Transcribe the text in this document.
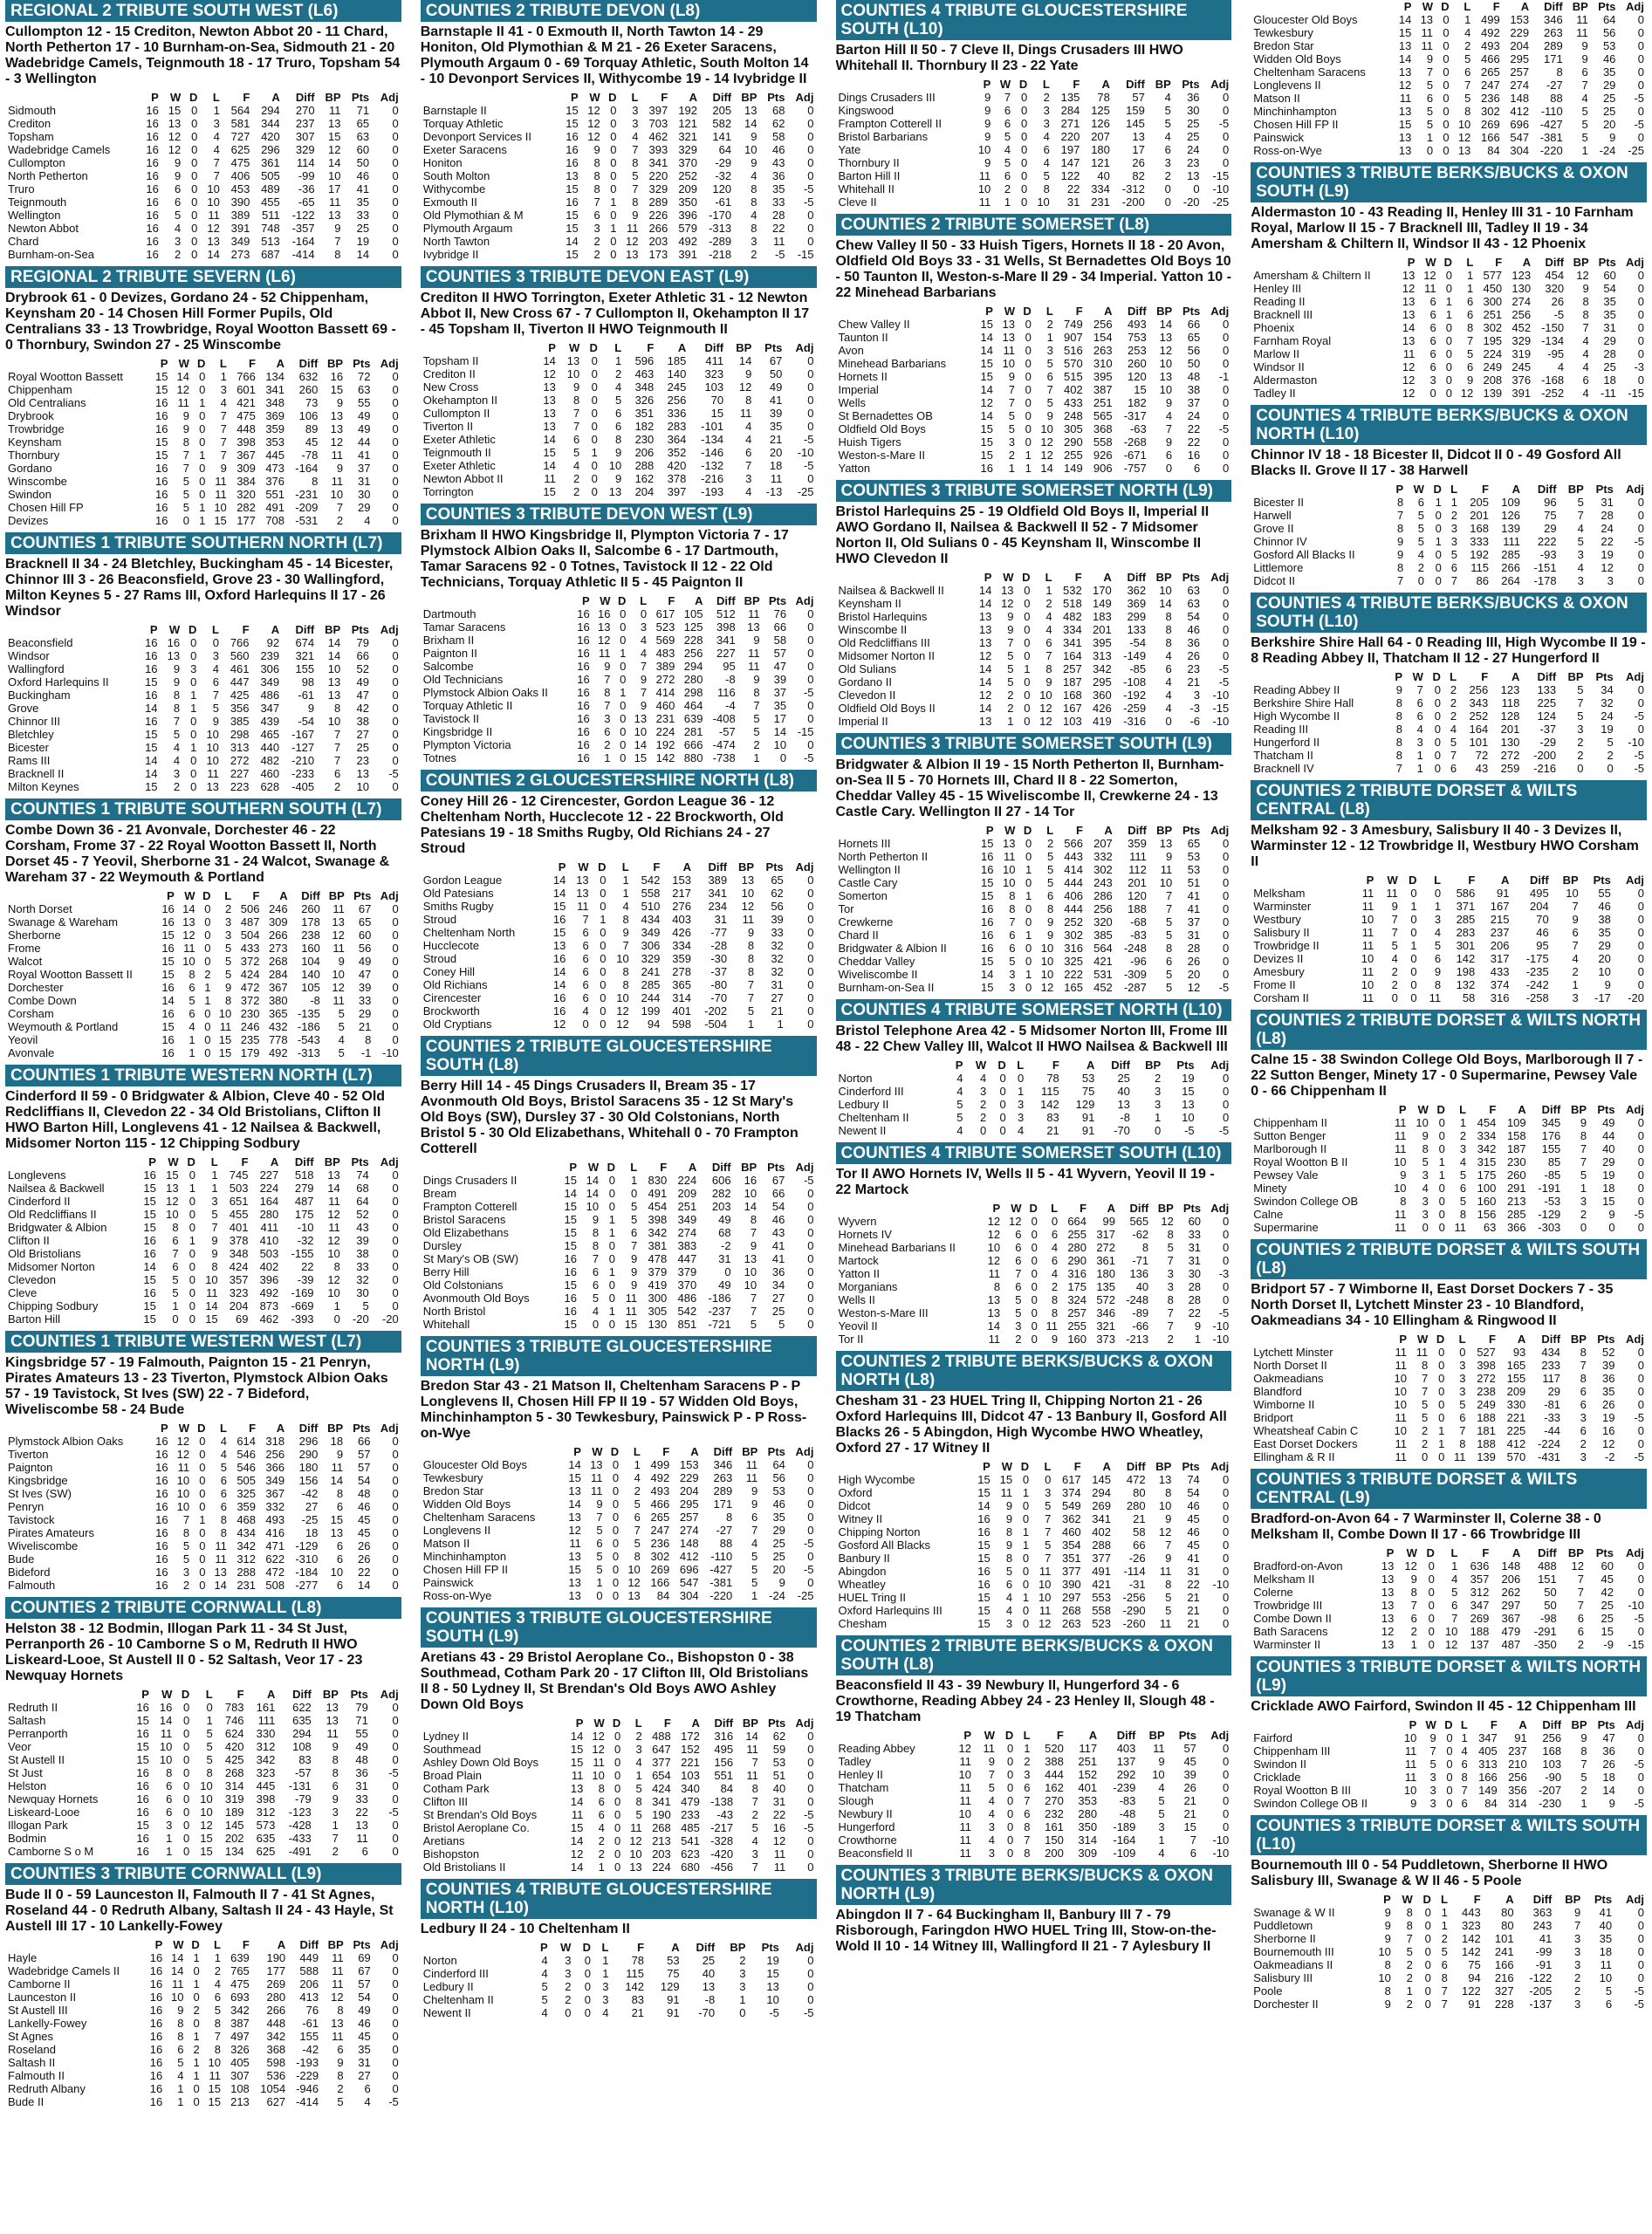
REGIONAL 2 TRIBUTE SOUTH WEST (L6)
Cullompton 12 - 15 Crediton, Newton Abbot 20 - 11 Chard, North Petherton 17 - 10 Burnham-on-Sea, Sidmouth 21 - 20 Wadebridge Camels, Teignmouth 18 - 17 Truro, Topsham 54 - 3 Wellington
	P	W	D	L	F	A	Diff	BP	Pts	Adj
Sidmouth	16	15	0	1	564	294	270	11	71	0
Crediton	16	13	0	3	581	344	237	13	65	0
Topsham	16	12	0	4	727	420	307	15	63	0
Wadebridge Camels	16	12	0	4	625	296	329	12	60	0
Cullompton	16	9	0	7	475	361	114	14	50	0
North Petherton	16	9	0	7	406	505	-99	10	46	0
Truro	16	6	0	10	453	489	-36	17	41	0
Teignmouth	16	6	0	10	390	455	-65	11	35	0
Wellington	16	5	0	11	389	511	-122	13	33	0
Newton Abbot	16	4	0	12	391	748	-357	9	25	0
Chard	16	3	0	13	349	513	-164	7	19	0
Burnham-on-Sea	16	2	0	14	273	687	-414	8	14	0
REGIONAL 2 TRIBUTE SEVERN (L6)
Drybrook 61 - 0 Devizes, Gordano 24 - 52 Chippenham, Keynsham 20 - 14 Chosen Hill Former Pupils, Old Centralians 33 - 13 Trowbridge, Royal Wootton Bassett 69 - 0 Thornbury, Swindon 27 - 25 Winscombe
	P	W	D	L	F	A	Diff	BP	Pts	Adj
Royal Wootton Bassett	15	14	0	1	766	134	632	16	72	0
Chippenham	15	12	0	3	601	341	260	15	63	0
Old Centralians	16	11	1	4	421	348	73	9	55	0
Drybrook	16	9	0	7	475	369	106	13	49	0
Trowbridge	16	9	0	7	448	359	89	13	49	0
Keynsham	15	8	0	7	398	353	45	12	44	0
Thornbury	15	7	1	7	367	445	-78	11	41	0
Gordano	16	7	0	9	309	473	-164	9	37	0
Winscombe	16	5	0	11	384	376	8	11	31	0
Swindon	16	5	0	11	320	551	-231	10	30	0
Chosen Hill FP	16	5	1	10	282	491	-209	7	29	0
Devizes	16	0	1	15	177	708	-531	2	4	0
COUNTIES 1 TRIBUTE SOUTHERN NORTH (L7)
Bracknell II 34 - 24 Bletchley, Buckingham 45 - 14 Bicester, Chinnor III 3 - 26 Beaconsfield, Grove 23 - 30 Wallingford, Milton Keynes 5 - 27 Rams III, Oxford Harlequins II 17 - 26 Windsor
	P	W	D	L	F	A	Diff	BP	Pts	Adj
Beaconsfield	16	16	0	0	766	92	674	14	79	0
Windsor	16	13	0	3	560	239	321	14	66	0
Wallingford	16	9	3	4	461	306	155	10	52	0
Oxford Harlequins II	15	9	0	6	447	349	98	13	49	0
Buckingham	16	8	1	7	425	486	-61	13	47	0
Grove	14	8	1	5	356	347	9	8	42	0
Chinnor III	16	7	0	9	385	439	-54	10	38	0
Bletchley	15	5	0	10	298	465	-167	7	27	0
Bicester	15	4	1	10	313	440	-127	7	25	0
Rams III	14	4	0	10	272	482	-210	7	23	0
Bracknell II	14	3	0	11	227	460	-233	6	13	-5
Milton Keynes	15	2	0	13	223	628	-405	2	10	0
COUNTIES 1 TRIBUTE SOUTHERN SOUTH (L7)
Combe Down 36 - 21 Avonvale, Dorchester 46 - 22 Corsham, Frome 37 - 22 Royal Wootton Bassett II, North Dorset 45 - 7 Yeovil, Sherborne 31 - 24 Walcot, Swanage & Wareham 37 - 22 Weymouth & Portland
	P	W	D	L	F	A	Diff	BP	Pts	Adj
North Dorset	16	14	0	2	506	246	260	11	67	0
Swanage & Wareham	16	13	0	3	487	309	178	13	65	0
Sherborne	15	12	0	3	504	266	238	12	60	0
Frome	16	11	0	5	433	273	160	11	56	0
Walcot	15	10	0	5	372	268	104	9	49	0
Royal Wootton Bassett II	15	8	2	5	424	284	140	10	47	0
Dorchester	16	6	1	9	472	367	105	12	39	0
Combe Down	14	5	1	8	372	380	-8	11	33	0
Corsham	16	6	0	10	230	365	-135	5	29	0
Weymouth & Portland	15	4	0	11	246	432	-186	5	21	0
Yeovil	16	1	0	15	235	778	-543	4	8	0
Avonvale	16	1	0	15	179	492	-313	5	-1	-10
COUNTIES 1 TRIBUTE WESTERN NORTH (L7)
Cinderford II 59 - 0 Bridgwater & Albion, Cleve 40 - 52 Old Redcliffians II, Clevedon 22 - 34 Old Bristolians, Clifton II HWO Barton Hill, Longlevens 41 - 12 Nailsea & Backwell, Midsomer Norton 115 - 12 Chipping Sodbury
	P	W	D	L	F	A	Diff	BP	Pts	Adj
Longlevens	16	15	0	1	745	227	518	13	74	0
Nailsea & Backwell	15	13	1	1	503	224	279	14	68	0
Cinderford II	15	12	0	3	651	164	487	11	64	0
Old Redcliffians II	15	10	0	5	455	280	175	12	52	0
Bridgwater & Albion	15	8	0	7	401	411	-10	11	43	0
Clifton II	16	6	1	9	378	410	-32	12	39	0
Old Bristolians	16	7	0	9	348	503	-155	10	38	0
Midsomer Norton	14	6	0	8	424	402	22	8	33	0
Clevedon	15	5	0	10	357	396	-39	12	32	0
Cleve	16	5	0	11	323	492	-169	10	30	0
Chipping Sodbury	15	1	0	14	204	873	-669	1	5	0
Barton Hill	15	0	0	15	69	462	-393	0	-20	-20
COUNTIES 1 TRIBUTE WESTERN WEST (L7)
Kingsbridge 57 - 19 Falmouth, Paignton 15 - 21 Penryn, Pirates Amateurs 13 - 23 Tiverton, Plymstock Albion Oaks 57 - 19 Tavistock, St Ives (SW) 22 - 7 Bideford, Wiveliscombe 58 - 24 Bude
	P	W	D	L	F	A	Diff	BP	Pts	Adj
Plymstock Albion Oaks	16	12	0	4	614	318	296	18	66	0
Tiverton	16	12	0	4	546	256	290	9	57	0
Paignton	16	11	0	5	546	366	180	11	57	0
Kingsbridge	16	10	0	6	505	349	156	14	54	0
St Ives (SW)	16	10	0	6	325	367	-42	8	48	0
Penryn	16	10	0	6	359	332	27	6	46	0
Tavistock	16	7	1	8	468	493	-25	15	45	0
Pirates Amateurs	16	8	0	8	434	416	18	13	45	0
Wiveliscombe	16	5	0	11	342	471	-129	6	26	0
Bude	16	5	0	11	312	622	-310	6	26	0
Bideford	16	3	0	13	288	472	-184	10	22	0
Falmouth	16	2	0	14	231	508	-277	6	14	0
COUNTIES 2 TRIBUTE CORNWALL (L8)
Helston 38 - 12 Bodmin, Illogan Park 11 - 34 St Just, Perranporth 26 - 10 Camborne S o M, Redruth II HWO Liskeard-Looe, St Austell II 0 - 52 Saltash, Veor 17 - 23 Newquay Hornets
	P	W	D	L	F	A	Diff	BP	Pts	Adj
Redruth II	16	16	0	0	783	161	622	13	79	0
Saltash	15	14	0	1	746	111	635	13	71	0
Perranporth	16	11	0	5	624	330	294	11	55	0
Veor	15	10	0	5	420	312	108	9	49	0
St Austell II	15	10	0	5	425	342	83	8	48	0
St Just	16	8	0	8	268	323	-57	8	36	-5
Helston	16	6	0	10	314	445	-131	6	31	0
Newquay Hornets	16	6	0	10	319	398	-79	9	33	0
Liskeard-Looe	16	6	0	10	189	312	-123	3	22	-5
Illogan Park	15	3	0	12	145	573	-428	1	13	0
Bodmin	16	1	0	15	202	635	-433	7	11	0
Camborne S o M	16	1	0	15	134	625	-491	2	6	0
COUNTIES 3 TRIBUTE CORNWALL (L9)
Bude II 0 - 59 Launceston II, Falmouth II 7 - 41 St Agnes, Roseland 44 - 0 Redruth Albany, Saltash II 24 - 43 Hayle, St Austell III 17 - 10 Lankelly-Fowey
	P	W	D	L	F	A	Diff	BP	Pts	Adj
Hayle	16	14	1	1	639	190	449	11	69	0
Wadebridge Camels II	16	14	0	2	765	177	588	11	67	0
Camborne II	16	11	1	4	475	269	206	11	57	0
Launceston II	16	10	0	6	693	280	413	12	54	0
St Austell III	16	9	2	5	342	266	76	8	49	0
Lankelly-Fowey	16	8	0	8	387	448	-61	13	46	0
St Agnes	16	8	1	7	497	342	155	11	45	0
Roseland	16	6	2	8	326	368	-42	6	35	0
Saltash II	16	5	1	10	405	598	-193	9	31	0
Falmouth II	16	4	1	11	307	536	-229	8	27	0
Redruth Albany	16	1	0	15	108	1054	-946	2	6	0
Bude II	16	1	0	15	213	627	-414	5	4	-5
COUNTIES 2 TRIBUTE DEVON (L8)
Barnstaple II 41 - 0 Exmouth II, North Tawton 14 - 29 Honiton, Old Plymothian & M 21 - 26 Exeter Saracens, Plymouth Argaum 0 - 69 Torquay Athletic, South Molton 14 - 10 Devonport Services II, Withycombe 19 - 14 Ivybridge II
	P	W	D	L	F	A	Diff	BP	Pts	Adj
Barnstaple II	15	12	0	3	397	192	205	13	68	0
Torquay Athletic	15	12	0	3	703	121	582	14	62	0
Devonport Services II	16	12	0	4	462	321	141	9	58	0
Exeter Saracens	16	9	0	7	393	329	64	10	46	0
Honiton	16	8	0	8	341	370	-29	9	43	0
South Molton	13	8	0	5	220	252	-32	4	36	0
Withycombe	15	8	0	7	329	209	120	8	35	-5
Exmouth II	16	7	1	8	289	350	-61	8	33	-5
Old Plymothian & M	15	6	0	9	226	396	-170	4	28	0
Plymouth Argaum	15	3	1	11	266	579	-313	8	22	0
North Tawton	14	2	0	12	203	492	-289	3	11	0
Ivybridge II	15	2	0	13	173	391	-218	2	-5	-15
COUNTIES 3 TRIBUTE DEVON EAST (L9)
Crediton II HWO Torrington, Exeter Athletic 31 - 12 Newton Abbot II, New Cross 67 - 7 Cullompton II, Okehampton II 17 - 45 Topsham II, Tiverton II HWO Teignmouth II
	P	W	D	L	F	A	Diff	BP	Pts	Adj
Topsham II	14	13	0	1	596	185	411	14	67	0
Crediton II	12	10	0	2	463	140	323	9	50	0
New Cross	13	9	0	4	348	245	103	12	49	0
Okehampton II	13	8	0	5	326	256	70	8	41	0
Cullompton II	13	7	0	6	351	336	15	11	39	0
Tiverton II	13	7	0	6	182	283	-101	4	35	0
Exeter Athletic	14	6	0	8	230	364	-134	4	21	-5
Teignmouth II	15	5	1	9	206	352	-146	6	20	-10
Exeter Athletic	14	4	0	10	288	420	-132	7	18	-5
Newton Abbot II	11	2	0	9	162	378	-216	3	11	0
Torrington	15	2	0	13	204	397	-193	4	-13	-25
COUNTIES 3 TRIBUTE DEVON WEST (L9)
Brixham II HWO Kingsbridge II, Plympton Victoria 7 - 17 Plymstock Albion Oaks II, Salcombe 6 - 17 Dartmouth, Tamar Saracens 92 - 0 Totnes, Tavistock II 12 - 22 Old Technicians, Torquay Athletic II 5 - 45 Paignton II
	P	W	D	L	F	A	Diff	BP	Pts	Adj
Dartmouth	16	16	0	0	617	105	512	11	76	0
Tamar Saracens	16	13	0	3	523	125	398	13	66	0
Brixham II	16	12	0	4	569	228	341	9	58	0
Paignton II	16	11	1	4	483	256	227	11	57	0
Salcombe	16	9	0	7	389	294	95	11	47	0
Old Technicians	16	7	0	9	272	280	-8	9	39	0
Plymstock Albion Oaks II	16	8	1	7	414	298	116	8	37	-5
Torquay Athletic II	16	7	0	9	460	464	-4	7	35	0
Tavistock II	16	3	0	13	231	639	-408	5	17	0
Kingsbridge II	16	6	0	10	224	281	-57	5	14	-15
Plympton Victoria	16	2	0	14	192	666	-474	2	10	0
Totnes	16	1	0	15	142	880	-738	1	0	-5
COUNTIES 2 GLOUCESTERSHIRE NORTH (L8)
Coney Hill 26 - 12 Cirencester, Gordon League 36 - 12 Cheltenham North, Hucclecote 12 - 22 Brockworth, Old Patesians 19 - 18 Smiths Rugby, Old Richians 24 - 27 Stroud
	P	W	D	L	F	A	Diff	BP	Pts	Adj
Gordon League	14	13	0	1	542	153	389	13	65	0
Old Patesians	14	13	0	1	558	217	341	10	62	0
Smiths Rugby	15	11	0	4	510	276	234	12	56	0
Stroud	16	7	1	8	434	403	31	11	39	0
Cheltenham North	15	6	0	9	349	426	-77	9	33	0
Hucclecote	13	6	0	7	306	334	-28	8	32	0
Stroud	16	6	0	10	329	359	-30	8	32	0
Coney Hill	14	6	0	8	241	278	-37	8	32	0
Old Richians	14	6	0	8	285	365	-80	7	31	0
Cirencester	16	6	0	10	244	314	-70	7	27	0
Brockworth	16	4	0	12	199	401	-202	5	21	0
Old Cryptians	12	0	0	12	94	598	-504	1	1	0
COUNTIES 2 TRIBUTE GLOUCESTERSHIRE SOUTH (L8)
Berry Hill 14 - 45 Dings Crusaders II, Bream 35 - 17 Avonmouth Old Boys, Bristol Saracens 35 - 12 St Mary's Old Boys (SW), Dursley 37 - 30 Old Colstonians, North Bristol 5 - 30 Old Elizabethans, Whitehall 0 - 70 Frampton Cotterell
	P	W	D	L	F	A	Diff	BP	Pts	Adj
Dings Crusaders II	15	14	0	1	830	224	606	16	67	-5
Bream	14	14	0	0	491	209	282	10	66	0
Frampton Cotterell	15	10	0	5	454	251	203	14	54	0
Bristol Saracens	15	9	1	5	398	349	49	8	46	0
Old Elizabethans	15	8	1	6	342	274	68	7	43	0
Dursley	15	8	0	7	381	383	-2	9	41	0
St Mary's OB (SW)	16	7	0	9	478	447	31	13	41	0
Berry Hill	16	6	1	9	379	379	0	10	36	0
Old Colstonians	15	6	0	9	419	370	49	10	34	0
Avonmouth Old Boys	16	5	0	11	300	486	-186	7	27	0
North Bristol	16	4	1	11	305	542	-237	7	25	0
Whitehall	15	0	0	15	130	851	-721	5	5	0
COUNTIES 3 TRIBUTE GLOUCESTERSHIRE NORTH (L9)
Bredon Star 43 - 21 Matson II, Cheltenham Saracens P - P Longlevens II, Chosen Hill FP II 19 - 57 Widden Old Boys, Minchinhampton 5 - 30 Tewkesbury, Painswick P - P Ross-on-Wye
	P	W	D	L	F	A	Diff	BP	Pts	Adj
Gloucester Old Boys	14	13	0	1	499	153	346	11	64	0
Tewkesbury	15	11	0	4	492	229	263	11	56	0
Bredon Star	13	11	0	2	493	204	289	9	53	0
Widden Old Boys	14	9	0	5	466	295	171	9	46	0
Cheltenham Saracens	13	7	0	6	265	257	8	6	35	0
Longlevens II	12	5	0	7	247	274	-27	7	29	0
Matson II	11	6	0	5	236	148	88	4	25	-5
Minchinhampton	13	5	0	8	302	412	-110	5	25	0
Chosen Hill FP II	15	5	0	10	269	696	-427	5	20	-5
Painswick	13	1	0	12	166	547	-381	5	9	0
Ross-on-Wye	13	0	0	13	84	304	-220	1	-24	-25
COUNTIES 3 TRIBUTE GLOUCESTERSHIRE SOUTH (L9)
Aretians 43 - 29 Bristol Aeroplane Co., Bishopston 0 - 38 Southmead, Cotham Park 20 - 17 Clifton III, Old Bristolians II 8 - 50 Lydney II, St Brendan's Old Boys AWO Ashley Down Old Boys
	P	W	D	L	F	A	Diff	BP	Pts	Adj
Lydney II	14	12	0	2	488	172	316	14	62	0
Southmead	15	12	0	3	647	152	495	11	59	0
Ashley Down Old Boys	15	11	0	4	377	221	156	7	53	0
Broad Plain	11	10	0	1	654	103	551	11	51	0
Cotham Park	13	8	0	5	424	340	84	8	40	0
Clifton III	14	6	0	8	341	479	-138	7	31	0
St Brendan's Old Boys	11	6	0	5	190	233	-43	2	22	-5
Bristol Aeroplane Co.	15	4	0	11	268	485	-217	5	16	-5
Aretians	14	2	0	12	213	541	-328	4	12	0
Bishopston	12	2	0	10	203	623	-420	3	11	0
Old Bristolians II	14	1	0	13	224	680	-456	7	11	0
COUNTIES 4 TRIBUTE GLOUCESTERSHIRE NORTH (L10)
Ledbury II 24 - 10 Cheltenham II
	P	W	D	L	F	A	Diff	BP	Pts	Adj
Norton	4	3	0	1	78	53	25	2	19	0
Cinderford III	4	3	0	1	115	75	40	3	15	0
Ledbury II	5	2	0	3	142	129	13	3	13	0
Cheltenham II	5	2	0	3	83	91	-8	1	10	0
Newent II	4	0	0	4	21	91	-70	0	-5	-5
COUNTIES 4 TRIBUTE GLOUCESTERSHIRE SOUTH (L10)
Barton Hill II 50 - 7 Cleve II, Dings Crusaders III HWO Whitehall II. Thornbury II 23 - 22 Yate
	P	W	D	L	F	A	Diff	BP	Pts	Adj
Dings Crusaders III	9	7	0	2	135	78	57	4	36	0
Kingswood	9	6	0	3	284	125	159	5	30	0
Frampton Cotterell II	9	6	0	3	271	126	145	5	25	-5
Bristol Barbarians	9	5	0	4	220	207	13	4	25	0
Yate	10	4	0	6	197	180	17	6	24	0
Thornbury II	9	5	0	4	147	121	26	3	23	0
Barton Hill II	11	6	0	5	122	40	82	2	13	-15
Whitehall II	10	2	0	8	22	334	-312	0	0	-10
Cleve II	11	1	0	10	31	231	-200	0	-20	-25
COUNTIES 2 TRIBUTE SOMERSET (L8)
Chew Valley II 50 - 33 Huish Tigers, Hornets II 18 - 20 Avon, Oldfield Old Boys 33 - 31 Wells, St Bernadettes Old Boys 10 - 50 Taunton II, Weston-s-Mare II 29 - 34 Imperial. Yatton 10 - 22 Minehead Barbarians
	P	W	D	L	F	A	Diff	BP	Pts	Adj
Chew Valley II	15	13	0	2	749	256	493	14	66	0
Taunton II	14	13	0	1	907	154	753	13	65	0
Avon	14	11	0	3	516	263	253	12	56	0
Minehead Barbarians	15	10	0	5	570	310	260	10	50	0
Hornets II	15	9	0	6	515	395	120	13	48	-1
Imperial	14	7	0	7	402	387	15	10	38	0
Wells	12	7	0	5	433	251	182	9	37	0
St Bernadettes OB	14	5	0	9	248	565	-317	4	24	0
Oldfield Old Boys	15	5	0	10	305	368	-63	7	22	-5
Huish Tigers	15	3	0	12	290	558	-268	9	22	0
Weston-s-Mare II	15	2	1	12	255	926	-671	6	16	0
Yatton	16	1	1	14	149	906	-757	0	6	0
COUNTIES 3 TRIBUTE SOMERSET NORTH (L9)
Bristol Harlequins 25 - 19 Oldfield Old Boys II, Imperial II AWO Gordano II, Nailsea & Backwell II 52 - 7 Midsomer Norton II, Old Sulians 0 - 45 Keynsham II, Winscombe II HWO Clevedon II
	P	W	D	L	F	A	Diff	BP	Pts	Adj
Nailsea & Backwell II	14	13	0	1	532	170	362	10	63	0
Keynsham II	14	12	0	2	518	149	369	14	63	0
Bristol Harlequins	13	9	0	4	482	183	299	8	54	0
Winscombe II	13	9	0	4	334	201	133	8	46	0
Old Redcliffians III	13	7	0	6	341	395	-54	8	36	0
Midsomer Norton II	12	5	0	7	164	313	-149	4	26	0
Old Sulians	14	5	1	8	257	342	-85	6	23	-5
Gordano II	14	5	0	9	187	295	-108	4	21	-5
Clevedon II	12	2	0	10	168	360	-192	4	3	-10
Oldfield Old Boys II	14	2	0	12	167	426	-259	4	-3	-15
Imperial II	13	1	0	12	103	419	-316	0	-6	-10
COUNTIES 3 TRIBUTE SOMERSET SOUTH (L9)
Bridgwater & Albion II 19 - 15 North Petherton II, Burnham-on-Sea II 5 - 70 Hornets III, Chard II 8 - 22 Somerton, Cheddar Valley 45 - 15 Wiveliscombe II, Crewkerne 24 - 13 Castle Cary. Wellington II 27 - 14 Tor
	P	W	D	L	F	A	Diff	BP	Pts	Adj
Hornets III	15	13	0	2	566	207	359	13	65	0
North Petherton II	16	11	0	5	443	332	111	9	53	0
Wellington II	16	10	1	5	414	302	112	11	53	0
Castle Cary	15	10	0	5	444	243	201	10	51	0
Somerton	15	8	1	6	406	286	120	7	41	0
Tor	16	8	0	8	444	256	188	7	41	0
Crewkerne	16	7	0	9	252	320	-68	5	37	0
Chard II	16	6	1	9	302	385	-83	5	31	0
Bridgwater & Albion II	16	6	0	10	316	564	-248	8	28	0
Cheddar Valley	15	5	0	10	325	421	-96	6	26	0
Wiveliscombe II	14	3	1	10	222	531	-309	5	20	0
Burnham-on-Sea II	15	3	0	12	165	452	-287	5	12	-5
COUNTIES 4 TRIBUTE SOMERSET NORTH (L10)
Bristol Telephone Area 42 - 5 Midsomer Norton III, Frome III 48 - 22 Chew Valley III, Walcot II HWO Nailsea & Backwell III
	P	W	D	L	F	A	Diff	BP	Pts	Adj
Norton	4	4	0	0	78	53	25	2	19	0
Cinderford III	4	3	0	1	115	75	40	3	15	0
Ledbury II	5	2	0	3	142	129	13	3	13	0
Cheltenham II	5	2	0	3	83	91	-8	1	10	0
Newent II	4	0	0	4	21	91	-70	0	-5	-5
COUNTIES 4 TRIBUTE SOMERSET SOUTH (L10)
Tor II AWO Hornets IV, Wells II 5 - 41 Wyvern, Yeovil II 19 - 22 Martock
	P	W	D	L	F	A	Diff	BP	Pts	Adj
Wyvern	12	12	0	0	664	99	565	12	60	0
Hornets IV	12	6	0	6	255	317	-62	8	33	0
Minehead Barbarians II	10	6	0	4	280	272	8	5	31	0
Martock	12	6	0	6	290	361	-71	7	31	0
Yatton II	11	7	0	4	316	180	136	3	30	-3
Morganians	8	6	0	2	175	135	40	3	28	0
Wells II	13	5	0	8	324	572	-248	8	28	0
Weston-s-Mare III	13	5	0	8	257	346	-89	7	22	-5
Yeovil II	14	3	0	11	255	321	-66	7	9	-10
Tor II	11	2	0	9	160	373	-213	2	1	-10
COUNTIES 2 TRIBUTE BERKS/BUCKS & OXON NORTH (L8)
Chesham 31 - 23 HUEL Tring II, Chipping Norton 21 - 26 Oxford Harlequins III, Didcot 47 - 13 Banbury II, Gosford All Blacks 26 - 5 Abingdon, High Wycombe HWO Wheatley, Oxford 27 - 17 Witney II
	P	W	D	L	F	A	Diff	BP	Pts	Adj
High Wycombe	15	15	0	0	617	145	472	13	74	0
Oxford	15	11	1	3	374	294	80	8	54	0
Didcot	14	9	0	5	549	269	280	10	46	0
Witney II	16	9	0	7	362	341	21	9	45	0
Chipping Norton	16	8	1	7	460	402	58	12	46	0
Gosford All Blacks	15	9	1	5	354	288	66	7	45	0
Banbury II	15	8	0	7	351	377	-26	9	41	0
Abingdon	16	5	0	11	377	491	-114	11	31	0
Wheatley	16	6	0	10	390	421	-31	8	22	-10
HUEL Tring II	15	4	1	10	297	553	-256	5	21	0
Oxford Harlequins III	15	4	0	11	268	558	-290	5	21	0
Chesham	15	3	0	12	263	523	-260	11	21	0
COUNTIES 2 TRIBUTE BERKS/BUCKS & OXON SOUTH (L8)
Beaconsfield II 43 - 39 Newbury II, Hungerford 34 - 6 Crowthorne, Reading Abbey 24 - 23 Henley II, Slough 48 - 19 Thatcham
	P	W	D	L	F	A	Diff	BP	Pts	Adj
Reading Abbey	12	11	0	1	520	117	403	11	57	0
Tadley	11	9	0	2	388	251	137	9	45	0
Henley II	10	7	0	3	444	152	292	10	39	0
Thatcham	11	5	0	6	162	401	-239	4	26	0
Slough	11	4	0	7	270	353	-83	5	21	0
Newbury II	10	4	0	6	232	280	-48	5	21	0
Hungerford	11	3	0	8	161	350	-189	3	15	0
Crowthorne	11	4	0	7	150	314	-164	1	7	-10
Beaconsfield II	11	3	0	8	200	309	-109	4	6	-10
COUNTIES 3 TRIBUTE BERKS/BUCKS & OXON NORTH (L9)
Abingdon II 7 - 64 Buckingham II, Banbury III 7 - 79 Risborough, Faringdon HWO HUEL Tring III, Stow-on-the-Wold II 10 - 14 Witney III, Wallingford II 21 - 7 Aylesbury II
	P	W	D	L	F	A	Diff	BP	Pts	Adj
Gloucester Old Boys	14	13	0	1	499	153	346	11	64	0
Tewkesbury	15	11	0	4	492	229	263	11	56	0
Bredon Star	13	11	0	2	493	204	289	9	53	0
Widden Old Boys	14	9	0	5	466	295	171	9	46	0
Cheltenham Saracens	13	7	0	6	265	257	8	6	35	0
Longlevens II	12	5	0	7	247	274	-27	7	29	0
Matson II	11	6	0	5	236	148	88	4	25	-5
Minchinhampton	13	5	0	8	302	412	-110	5	25	0
Chosen Hill FP II	15	5	0	10	269	696	-427	5	20	-5
Painswick	13	1	0	12	166	547	-381	5	9	0
Ross-on-Wye	13	0	0	13	84	304	-220	1	-24	-25
COUNTIES 3 TRIBUTE BERKS/BUCKS & OXON SOUTH (L9)
Aldermaston 10 - 43 Reading II, Henley III 31 - 10 Farnham Royal, Marlow II 15 - 7 Bracknell III, Tadley II 19 - 34 Amersham & Chiltern II, Windsor II 43 - 12 Phoenix
	P	W	D	L	F	A	Diff	BP	Pts	Adj
Amersham & Chiltern II	13	12	0	1	577	123	454	12	60	0
Henley III	12	11	0	1	450	130	320	9	54	0
Reading II	13	6	1	6	300	274	26	8	35	0
Bracknell III	13	6	1	6	251	256	-5	8	35	0
Phoenix	14	6	0	8	302	452	-150	7	31	0
Farnham Royal	13	6	0	7	195	329	-134	4	29	0
Marlow II	11	6	0	5	224	319	-95	4	28	0
Windsor II	12	6	0	6	249	245	4	4	25	-3
Aldermaston	12	3	0	9	208	376	-168	6	18	0
Tadley II	12	0	0	12	139	391	-252	4	-11	-15
COUNTIES 4 TRIBUTE BERKS/BUCKS & OXON NORTH (L10)
Chinnor IV 18 - 18 Bicester II, Didcot II 0 - 49 Gosford All Blacks II. Grove II 17 - 38 Harwell
	P	W	D	L	F	A	Diff	BP	Pts	Adj
Bicester II	8	6	1	1	205	109	96	5	31	0
Harwell	7	5	0	2	201	126	75	7	28	0
Grove II	8	5	0	3	168	139	29	4	24	0
Chinnor IV	9	5	1	3	333	111	222	5	22	-5
Gosford All Blacks II	9	4	0	5	192	285	-93	3	19	0
Littlemore	8	2	0	6	115	266	-151	4	12	0
Didcot II	7	0	0	7	86	264	-178	3	3	0
COUNTIES 4 TRIBUTE BERKS/BUCKS & OXON SOUTH (L10)
Berkshire Shire Hall 64 - 0 Reading III, High Wycombe II 19 - 8 Reading Abbey II, Thatcham II 12 - 27 Hungerford II
	P	W	D	L	F	A	Diff	BP	Pts	Adj
Reading Abbey II	9	7	0	2	256	123	133	5	34	0
Berkshire Shire Hall	8	6	0	2	343	118	225	7	32	0
High Wycombe II	8	6	0	2	252	128	124	5	24	-5
Reading III	8	4	0	4	164	201	-37	3	19	0
Hungerford II	8	3	0	5	101	130	-29	2	5	-10
Thatcham II	8	1	0	7	72	272	-200	2	2	-5
Bracknell IV	7	1	0	6	43	259	-216	0	0	-5
COUNTIES 2 TRIBUTE DORSET & WILTS CENTRAL (L8)
Melksham 92 - 3 Amesbury, Salisbury II 40 - 3 Devizes II, Warminster 12 - 12 Trowbridge II, Westbury HWO Corsham II
	P	W	D	L	F	A	Diff	BP	Pts	Adj
Melksham	11	11	0	0	586	91	495	10	55	0
Warminster	11	9	1	1	371	167	204	7	46	0
Westbury	10	7	0	3	285	215	70	9	38	0
Salisbury II	11	7	0	4	283	237	46	6	35	0
Trowbridge II	11	5	1	5	301	206	95	7	29	0
Devizes II	10	4	0	6	142	317	-175	4	20	0
Amesbury	11	2	0	9	198	433	-235	2	10	0
Frome II	10	2	0	8	132	374	-242	1	9	0
Corsham II	11	0	0	11	58	316	-258	3	-17	-20
COUNTIES 2 TRIBUTE DORSET & WILTS NORTH (L8)
Calne 15 - 38 Swindon College Old Boys, Marlborough II 7 - 22 Sutton Benger, Minety 17 - 0 Supermarine, Pewsey Vale 0 - 66 Chippenham II
	P	W	D	L	F	A	Diff	BP	Pts	Adj
Chippenham II	11	10	0	1	454	109	345	9	49	0
Sutton Benger	11	9	0	2	334	158	176	8	44	0
Marlborough II	11	8	0	3	342	187	155	7	40	0
Royal Wootton B II	10	5	1	4	315	230	85	7	29	0
Pewsey Vale	9	3	1	5	175	260	-85	5	19	0
Minety	10	4	0	6	100	291	-191	1	18	0
Swindon College OB	8	3	0	5	160	213	-53	3	15	0
Calne	11	3	0	8	156	285	-129	2	9	-5
Supermarine	11	0	0	11	63	366	-303	0	0	0
COUNTIES 2 TRIBUTE DORSET & WILTS SOUTH (L8)
Bridport 57 - 7 Wimborne II, East Dorset Dockers 7 - 35 North Dorset II, Lytchett Minster 23 - 10 Blandford, Oakmeadians 34 - 10 Ellingham & Ringwood II
	P	W	D	L	F	A	Diff	BP	Pts	Adj
Lytchett Minster	11	11	0	0	527	93	434	8	52	0
North Dorset II	11	8	0	3	398	165	233	7	39	0
Oakmeadians	10	7	0	3	272	155	117	8	36	0
Blandford	10	7	0	3	238	209	29	6	35	0
Wimborne II	10	5	0	5	249	330	-81	6	26	0
Bridport	11	5	0	6	188	221	-33	3	19	-5
Wheatsheaf Cabin C	10	2	1	7	181	225	-44	6	16	0
East Dorset Dockers	11	2	1	8	188	412	-224	2	12	0
Ellingham & R II	11	0	0	11	139	570	-431	3	-2	-5
COUNTIES 3 TRIBUTE DORSET & WILTS CENTRAL (L9)
Bradford-on-Avon 64 - 7 Warminster II, Colerne 38 - 0 Melksham II, Combe Down II 17 - 66 Trowbridge III
	P	W	D	L	F	A	Diff	BP	Pts	Adj
Bradford-on-Avon	13	12	0	1	636	148	488	12	60	0
Melksham II	13	9	0	4	357	206	151	7	45	0
Colerne	13	8	0	5	312	262	50	7	42	0
Trowbridge III	13	7	0	6	347	297	50	7	25	-10
Combe Down II	13	6	0	7	269	367	-98	6	25	-5
Bath Saracens	12	2	0	10	188	479	-291	6	15	0
Warminster II	13	1	0	12	137	487	-350	2	-9	-15
COUNTIES 3 TRIBUTE DORSET & WILTS NORTH (L9)
Cricklade AWO Fairford, Swindon II 45 - 12 Chippenham III
	P	W	D	L	F	A	Diff	BP	Pts	Adj
Fairford	10	9	0	1	347	91	256	9	47	0
Chippenham III	11	7	0	4	405	237	168	8	36	0
Swindon II	11	5	0	6	313	210	103	7	26	-5
Cricklade	11	3	0	8	166	256	-90	5	18	0
Royal Wootton B III	10	3	0	7	149	356	-207	2	14	0
Swindon College OB II	9	3	0	6	84	314	-230	1	9	-5
COUNTIES 3 TRIBUTE DORSET & WILTS SOUTH (L10)
Bournemouth III 0 - 54 Puddletown, Sherborne II HWO Salisbury III, Swanage & W II 46 - 5 Poole
	P	W	D	L	F	A	Diff	BP	Pts	Adj
Swanage & W II	9	8	0	1	443	80	363	9	41	0
Puddletown	9	8	0	1	323	80	243	7	40	0
Sherborne II	9	7	0	2	142	101	41	3	35	0
Bournemouth III	10	5	0	5	142	241	-99	3	18	0
Oakmeadians II	8	2	0	6	75	166	-91	3	11	0
Salisbury III	10	2	0	8	94	216	-122	2	10	0
Poole	8	1	0	7	122	327	-205	2	5	-5
Dorchester II	9	2	0	7	91	228	-137	3	6	-5
